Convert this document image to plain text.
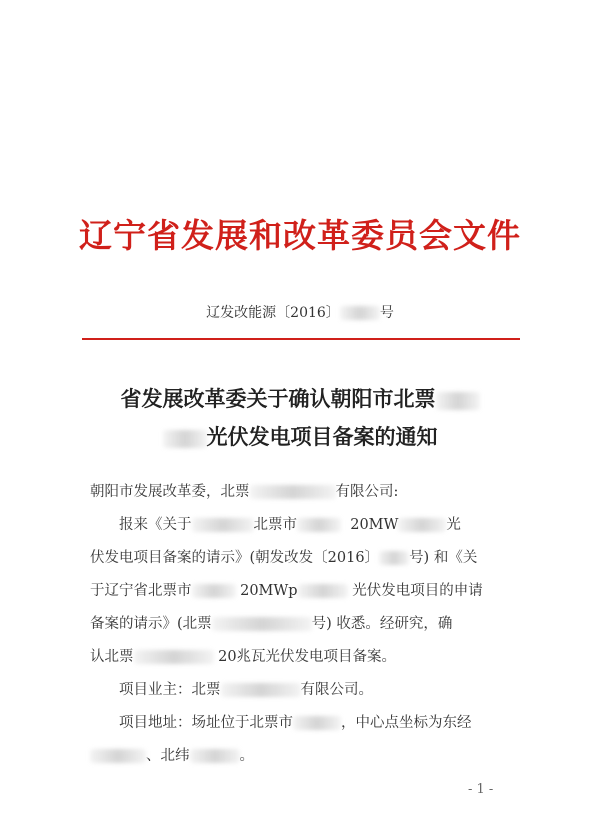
辽宁省发展和改革委员会文件
辽发改能源〔2016〕	号
省发展改革委关于确认朝阳市北票
光伏发电项目备案的通知

朝阳市发展改革委，北票	有限公司:

报来《关于	北票市	20MW	光

伏发电项目备案的请示》(朝发改发〔2016〕 号) 和《关

于辽宁省北票市	20MWp	光伏发电项目的申请

备案的请示》(北票	号) 收悉。经研究，确

认北票	20兆瓦光伏发电项目备案。

项目业主：北票	有限公司。

项目地址：场址位于北票市	，中心点坐标为东经

、北纬	。

- 1 -
